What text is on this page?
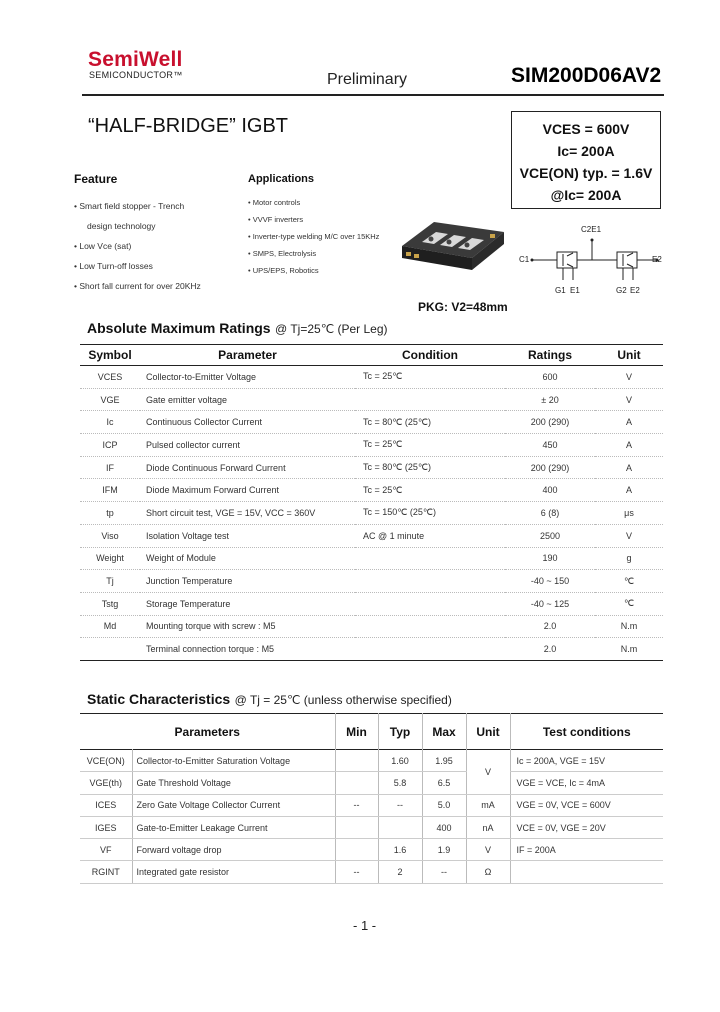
SemiWell
SEMICONDUCTOR™	Preliminary	SIM200D06AV2
“HALF-BRIDGE” IGBT	VCES = 600V
Ic= 200A
VCE(ON) typ. = 1.6V
@Ic= 200A
Feature
• Smart field stopper - Trench
design technology
• Low Vce (sat)
• Low Turn-off losses
• Short fall current for over 20KHz
Applications
• Motor controls
• VVVF inverters
• Inverter-type welding M/C over 15KHz
• SMPS, Electrolysis
• UPS/EPS, Robotics
C2E1
C1	E2
G1 E1	G2 E2
PKG: V2=48mm
Absolute Maximum Ratings @ Tj=25℃ (Per Leg)
Symbol	Parameter	Condition	Ratings	Unit
VCES	Collector-to-Emitter Voltage	Tc = 25℃	600	V
VGE	Gate emitter voltage		± 20	V
Ic	Continuous Collector Current	Tc = 80℃ (25℃)	200 (290)	A
ICP	Pulsed collector current	Tc = 25℃	450	A
IF	Diode Continuous Forward Current	Tc = 80℃ (25℃)	200 (290)	A
IFM	Diode Maximum Forward Current	Tc = 25℃	400	A
tp	Short circuit test, VGE = 15V, VCC = 360V	Tc = 150℃ (25℃)	6 (8)	μs
Viso	Isolation Voltage test	AC @ 1 minute	2500	V
Weight	Weight of Module		190	g
Tj	Junction Temperature		-40 ~ 150	℃
Tstg	Storage Temperature		-40 ~ 125	℃
Md	Mounting torque with screw : M5		2.0	N.m
	Terminal connection torque : M5		2.0	N.m
Static Characteristics @ Tj = 25℃ (unless otherwise specified)
Parameters		Min	Typ	Max	Unit	Test conditions
VCE(ON)	Collector-to-Emitter Saturation Voltage		1.60	1.95	V	Ic = 200A, VGE = 15V
VGE(th)	Gate Threshold Voltage		5.8	6.5		VGE = VCE, Ic = 4mA
ICES	Zero Gate Voltage Collector Current	--	--	5.0	mA	VGE = 0V, VCE = 600V
IGES	Gate-to-Emitter Leakage Current			400	nA	VCE = 0V, VGE = 20V
VF	Forward voltage drop		1.6	1.9	V	IF = 200A
RGINT	Integrated gate resistor	--	2	--	Ω	
- 1 -
